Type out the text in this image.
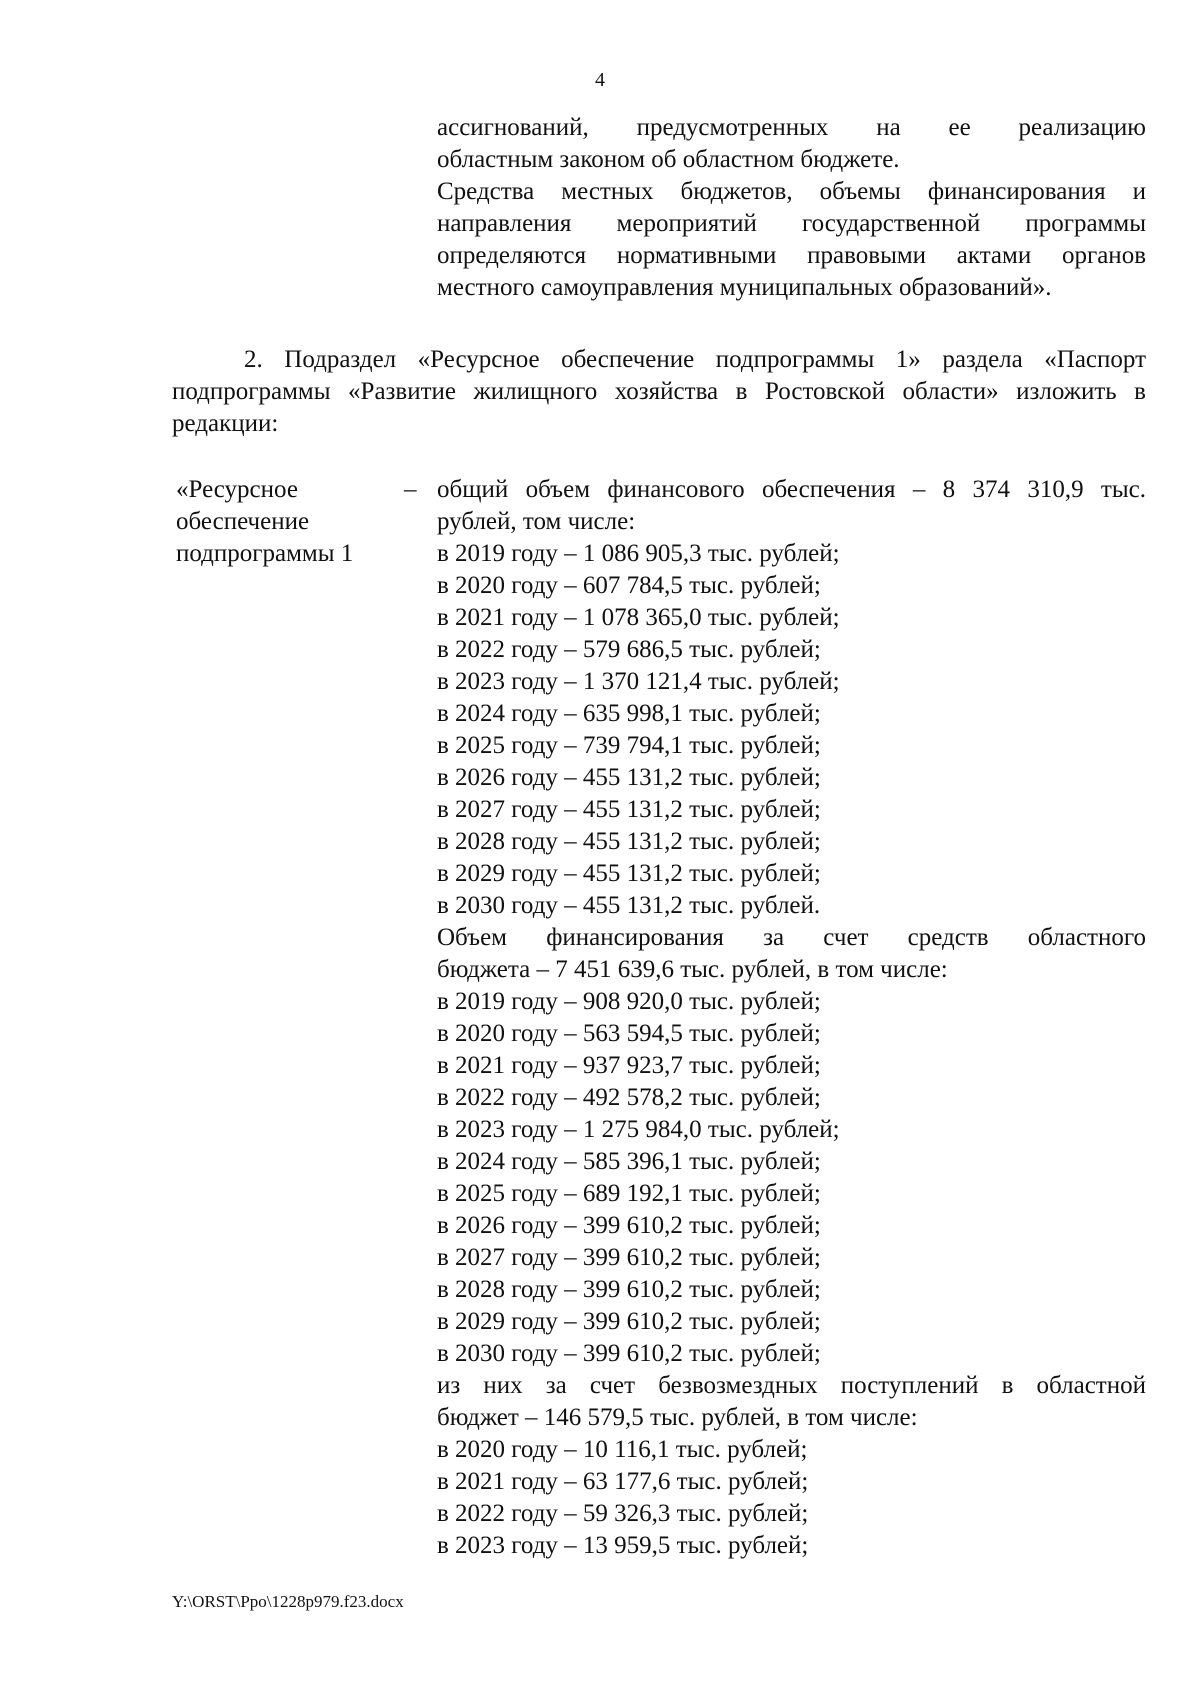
4

ассигнований, предусмотренных на ее реализацию

областным законом об областном бюджете.

Средства местных бюджетов, объемы финансирования и

направления мероприятий государственной программы

определяются нормативными правовыми актами органов

местного самоуправления муниципальных образований».

2. Подраздел «Ресурсное обеспечение подпрограммы 1» раздела «Паспорт подпрограммы «Развитие жилищного хозяйства в Ростовской области» изложить в редакции:

«Ресурсное
обеспечение
подпрограммы 1
– общий объем финансового обеспечения – 8 374 310,9 тыс.
рублей, том числе:
в 2019 году – 1 086 905,3 тыс. рублей;
в 2020 году – 607 784,5 тыс. рублей;
в 2021 году – 1 078 365,0 тыс. рублей;
в 2022 году – 579 686,5 тыс. рублей;
в 2023 году – 1 370 121,4 тыс. рублей;
в 2024 году – 635 998,1 тыс. рублей;
в 2025 году – 739 794,1 тыс. рублей;
в 2026 году – 455 131,2 тыс. рублей;
в 2027 году – 455 131,2 тыс. рублей;
в 2028 году – 455 131,2 тыс. рублей;
в 2029 году – 455 131,2 тыс. рублей;
в 2030 году – 455 131,2 тыс. рублей.
Объем финансирования за счет средств областного
бюджета – 7 451 639,6 тыс. рублей, в том числе:
в 2019 году – 908 920,0 тыс. рублей;
в 2020 году – 563 594,5 тыс. рублей;
в 2021 году – 937 923,7 тыс. рублей;
в 2022 году – 492 578,2 тыс. рублей;
в 2023 году – 1 275 984,0 тыс. рублей;
в 2024 году – 585 396,1 тыс. рублей;
в 2025 году – 689 192,1 тыс. рублей;
в 2026 году – 399 610,2 тыс. рублей;
в 2027 году – 399 610,2 тыс. рублей;
в 2028 году – 399 610,2 тыс. рублей;
в 2029 году – 399 610,2 тыс. рублей;
в 2030 году – 399 610,2 тыс. рублей;
из них за счет безвозмездных поступлений в областной
бюджет – 146 579,5 тыс. рублей, в том числе:
в 2020 году – 10 116,1 тыс. рублей;
в 2021 году – 63 177,6 тыс. рублей;
в 2022 году – 59 326,3 тыс. рублей;
в 2023 году – 13 959,5 тыс. рублей;
Y:\ORST\Ppo\1228p979.f23.docx
